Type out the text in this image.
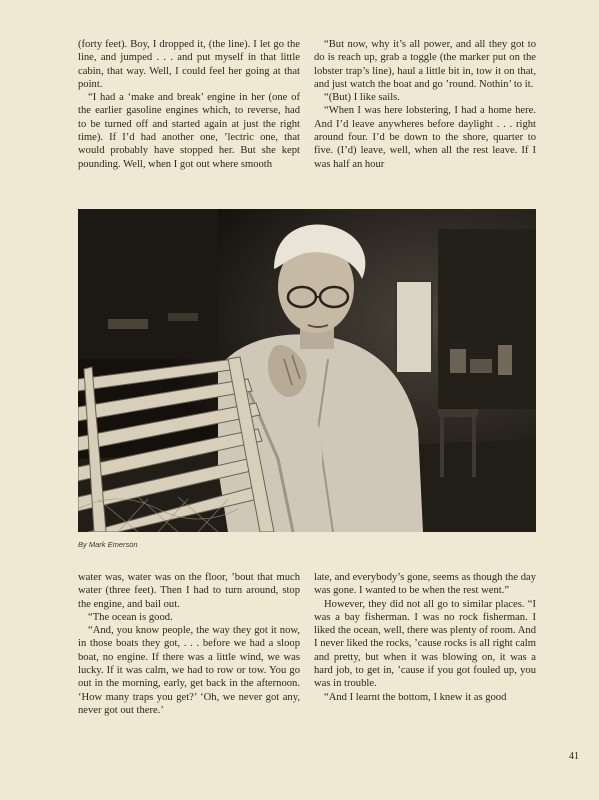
(forty feet). Boy, I dropped it, (the line). I let go the line, and jumped . . . and put myself in that little cabin, that way. Well, I could feel her going at that point.

“I had a ‘make and break’ engine in her (one of the earlier gasoline engines which, to reverse, had to be turned off and started again at just the right time). If I’d had another one, ’lectric one, that would probably have stopped her. But she kept pounding. Well, when I got out where smooth

“But now, why it’s all power, and all they got to do is reach up, grab a toggle (the marker put on the lobster trap’s line), haul a little bit in, tow it on that, and just watch the boat and go ’round. Nothin’ to it.

“(But) I like sails.

“When I was here lobstering, I had a home here. And I’d leave anywheres before daylight . . . right around four. I’d be down to the shore, quarter to five. (I’d) leave, well, when all the rest leave. If I was half an hour

By Mark Emerson

water was, water was on the floor, ’bout that much water (three feet). Then I had to turn around, stop the engine, and bail out.

“The ocean is good.

“And, you know people, the way they got it now, in those boats they got, . . . before we had a sloop boat, no engine. If there was a little wind, we was lucky. If it was calm, we had to row or tow. You go out in the morning, early, get back in the afternoon. ‘How many traps you get?’ ‘Oh, we never got any, never got out there.’

late, and everybody’s gone, seems as though the day was gone. I wanted to be when the rest went.”

However, they did not all go to similar places. “I was a bay fisherman. I was no rock fisherman. I liked the ocean, well, there was plenty of room. And I never liked the rocks, ’cause rocks is all right calm and pretty, but when it was blowing on, it was a hard job, to get in, ’cause if you got fouled up, you was in trouble.

“And I learnt the bottom, I knew it as good

41
